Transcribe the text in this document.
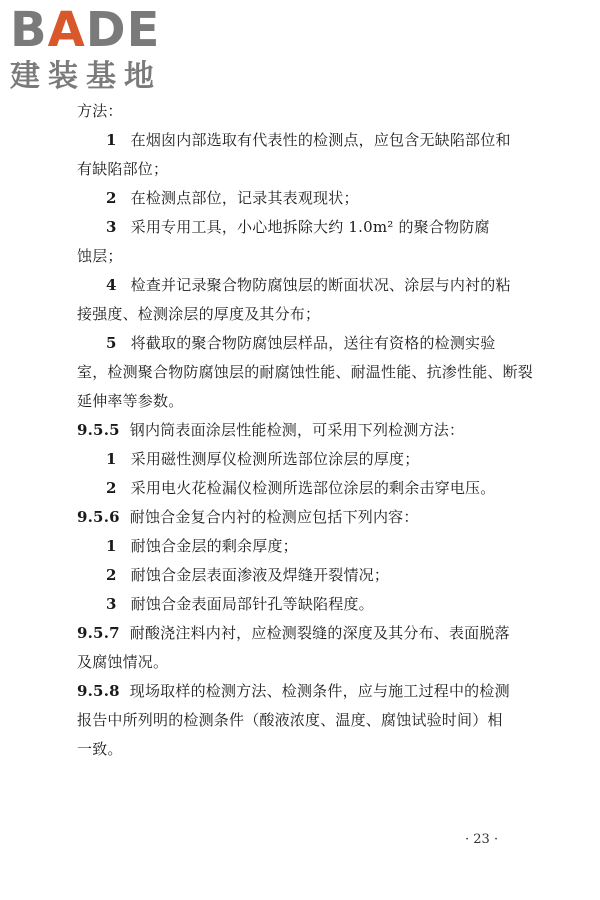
B A DE
建装基地
方法：
1 在烟囱内部选取有代表性的检测点，应包含无缺陷部位和
有缺陷部位；
2 在检测点部位，记录其表观现状；
3 采用专用工具，小心地拆除大约 1.0m² 的聚合物防腐
蚀层；
4 检查并记录聚合物防腐蚀层的断面状况、涂层与内衬的粘
接强度、检测涂层的厚度及其分布；
5 将截取的聚合物防腐蚀层样品，送往有资格的检测实验
室，检测聚合物防腐蚀层的耐腐蚀性能、耐温性能、抗渗性能、断裂
延伸率等参数。
9.5.5 钢内筒表面涂层性能检测，可采用下列检测方法：
1 采用磁性测厚仪检测所选部位涂层的厚度；
2 采用电火花检漏仪检测所选部位涂层的剩余击穿电压。
9.5.6 耐蚀合金复合内衬的检测应包括下列内容：
1 耐蚀合金层的剩余厚度；
2 耐蚀合金层表面渗液及焊缝开裂情况；
3 耐蚀合金表面局部针孔等缺陷程度。
9.5.7 耐酸浇注料内衬，应检测裂缝的深度及其分布、表面脱落
及腐蚀情况。
9.5.8 现场取样的检测方法、检测条件，应与施工过程中的检测
报告中所列明的检测条件（酸液浓度、温度、腐蚀试验时间）相
一致。
· 23 ·
